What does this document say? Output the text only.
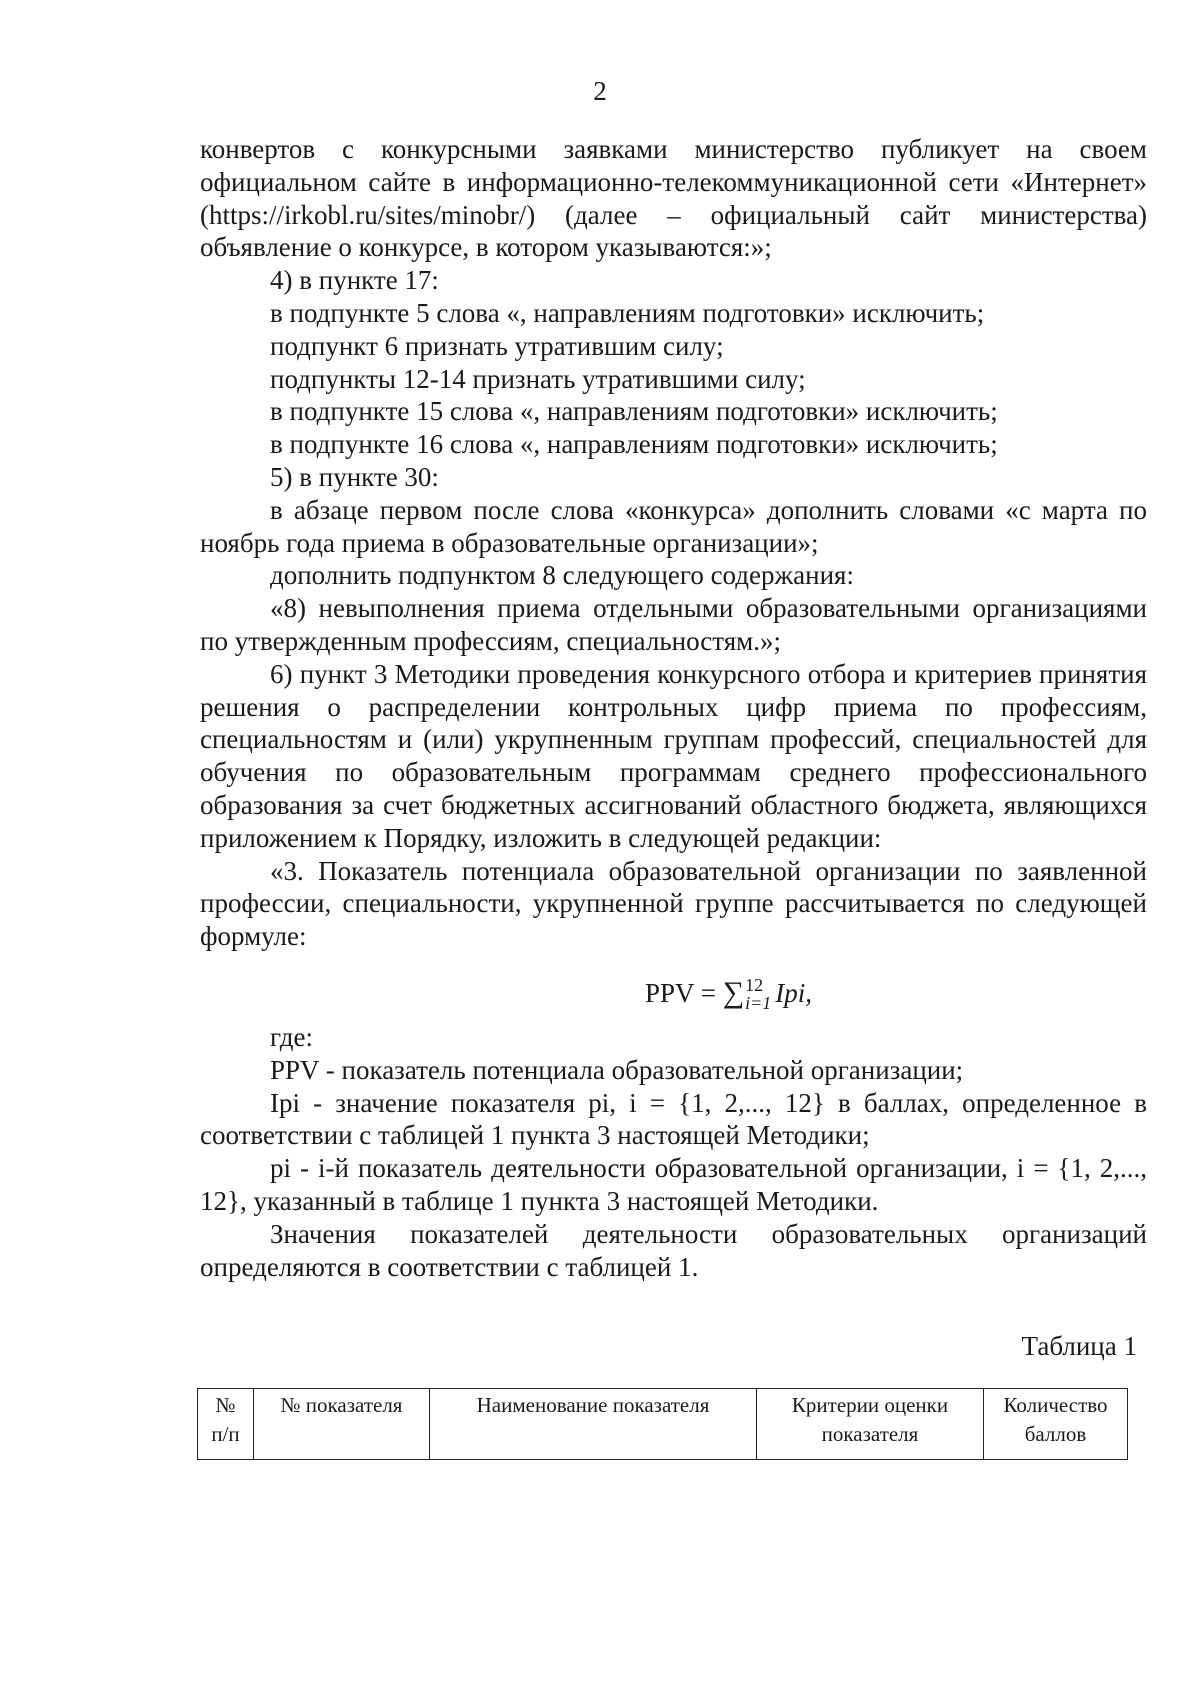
2

конвертов с конкурсными заявками министерство публикует на своем официальном сайте в информационно-телекоммуникационной сети «Интернет» (https://irkobl.ru/sites/minobr/) (далее – официальный сайт министерства) объявление о конкурсе, в котором указываются:»;

4) в пункте 17:

в подпункте 5 слова «, направлениям подготовки» исключить;

подпункт 6 признать утратившим силу;

подпункты 12-14 признать утратившими силу;

в подпункте 15 слова «, направлениям подготовки» исключить;

в подпункте 16 слова «, направлениям подготовки» исключить;

5) в пункте 30:

в абзаце первом после слова «конкурса» дополнить словами «с марта по ноябрь года приема в образовательные организации»;

дополнить подпунктом 8 следующего содержания:

«8) невыполнения приема отдельными образовательными организациями по утвержденным профессиям, специальностям.»;

6) пункт 3 Методики проведения конкурсного отбора и критериев принятия решения о распределении контрольных цифр приема по профессиям, специальностям и (или) укрупненным группам профессий, специальностей для обучения по образовательным программам среднего профессионального образования за счет бюджетных ассигнований областного бюджета, являющихся приложением к Порядку, изложить в следующей редакции:

«3. Показатель потенциала образовательной организации по заявленной профессии, специальности, укрупненной группе рассчитывается по следующей формуле:

PPV = ∑ 12
i=1 Ipi,

где:

PPV - показатель потенциала образовательной организации;

Ipi - значение показателя pi, i = {1, 2,..., 12} в баллах, определенное в соответствии с таблицей 1 пункта 3 настоящей Методики;

pi - i-й показатель деятельности образовательной организации, i = {1, 2,..., 12}, указанный в таблице 1 пункта 3 настоящей Методики.

Значения показателей деятельности образовательных организаций определяются в соответствии с таблицей 1.

Таблица 1
№
п/п
	№ показателя	Наименование показателя	Критерии оценки показателя	Количество баллов
